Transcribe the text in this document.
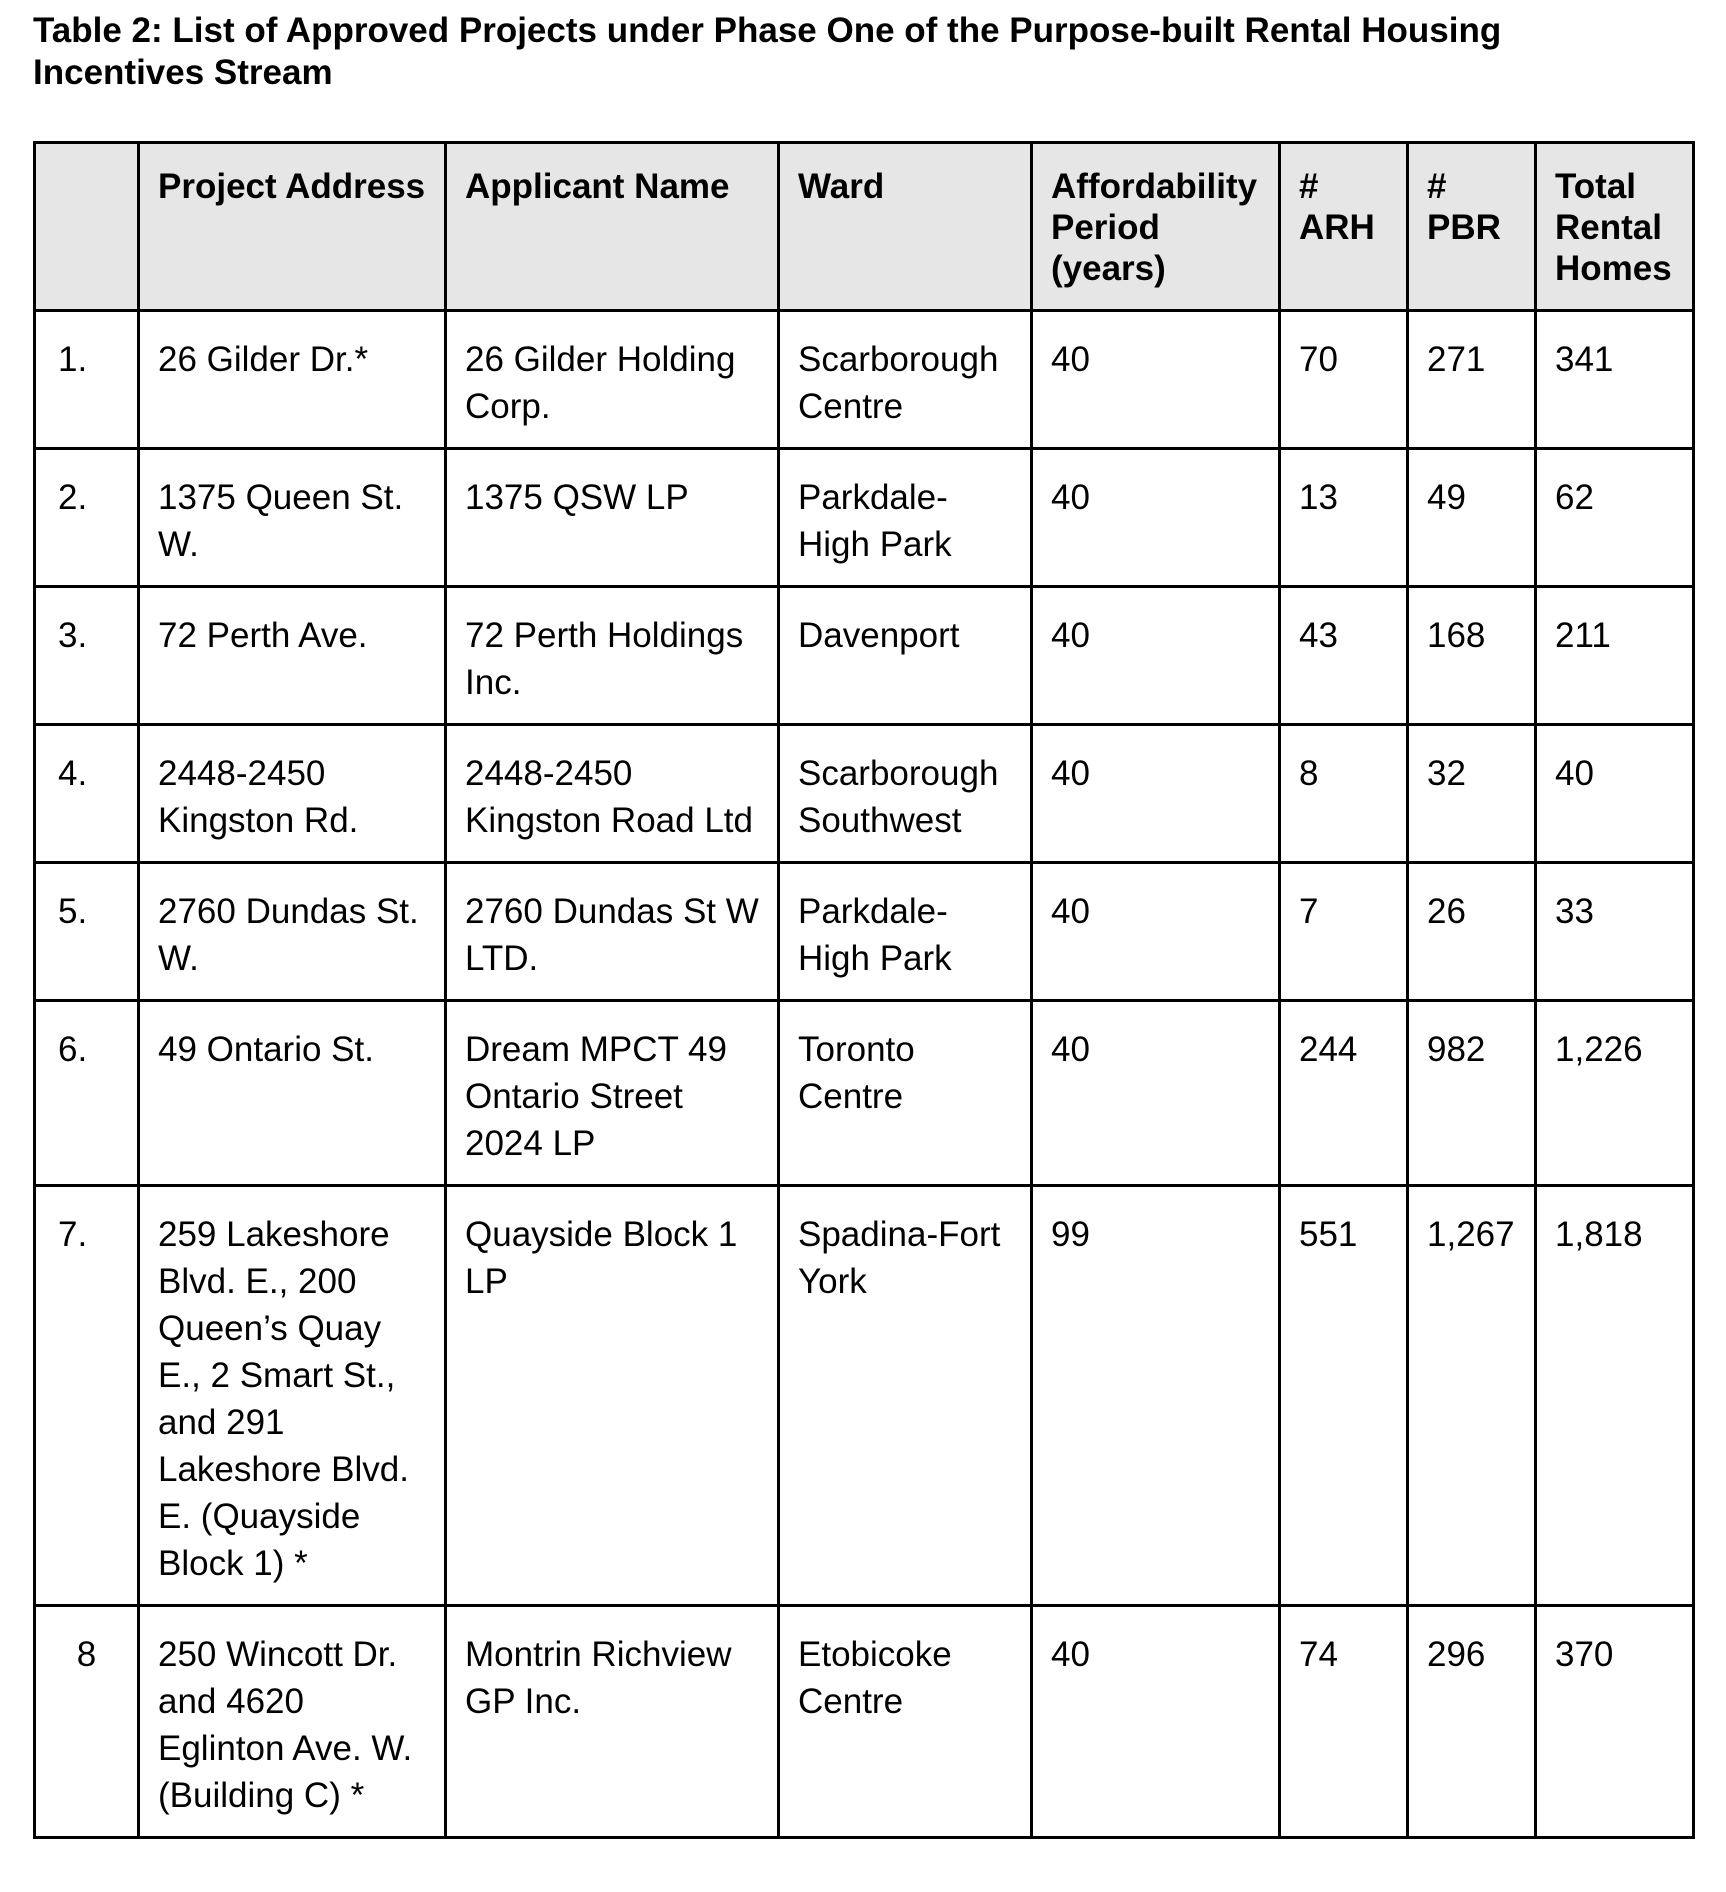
Table 2: List of Approved Projects under Phase One of the Purpose-built Rental Housing Incentives Stream
	Project Address	Applicant Name	Ward	Affordability Period (years)	# ARH	# PBR	Total Rental Homes
1.	26 Gilder Dr.*	26 Gilder Holding Corp.	Scarborough Centre	40	70	271	341
2.	1375 Queen St. W.	1375 QSW LP	Parkdale-High Park	40	13	49	62
3.	72 Perth Ave.	72 Perth Holdings Inc.	Davenport	40	43	168	211
4.	2448-2450 Kingston Rd.	2448-2450 Kingston Road Ltd	Scarborough Southwest	40	8	32	40
5.	2760 Dundas St. W.	2760 Dundas St W LTD.	Parkdale-High Park	40	7	26	33
6.	49 Ontario St.	Dream MPCT 49 Ontario Street 2024 LP	Toronto Centre	40	244	982	1,226
7.	259 Lakeshore Blvd. E., 200 Queen’s Quay E., 2 Smart St., and 291 Lakeshore Blvd. E. (Quayside Block 1) *	Quayside Block 1 LP	Spadina-Fort York	99	551	1,267	1,818
8	250 Wincott Dr. and 4620 Eglinton Ave. W. (Building C) *	Montrin Richview GP Inc.	Etobicoke Centre	40	74	296	370
